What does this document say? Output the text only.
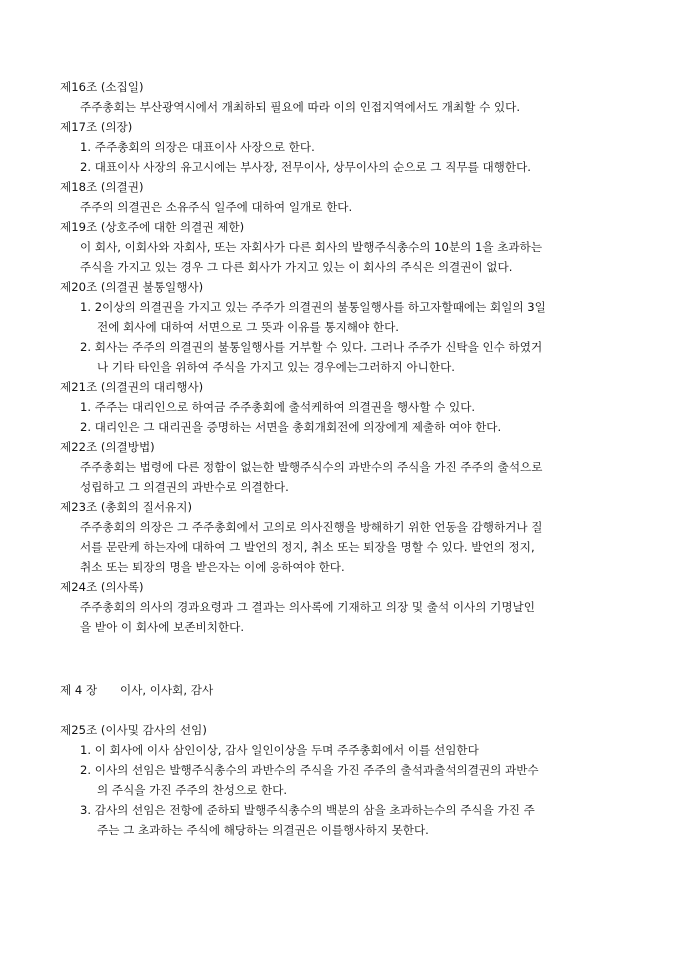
제16조 (소집일)
주주총회는 부산광역시에서 개최하되 필요에 따라 이의 인접지역에서도 개최할 수 있다.
제17조 (의장)
1. 주주총회의 의장은 대표이사 사장으로 한다.
2. 대표이사 사장의 유고시에는 부사장, 전무이사, 상무이사의 순으로 그 직무를 대행한다.
제18조 (의결권)
주주의 의결권은 소유주식 일주에 대하여 일개로 한다.
제19조 (상호주에 대한 의결권 제한)
이 회사, 이회사와 자회사, 또는 자회사가 다른 회사의 발행주식총수의 10분의 1을 초과하는
주식을 가지고 있는 경우 그 다른 회사가 가지고 있는 이 회사의 주식은 의결권이 없다.
제20조 (의결권 불통일행사)
1. 2이상의 의결권을 가지고 있는 주주가 의결권의 불통일행사를 하고자할때에는 회일의 3일
전에 회사에 대하여 서면으로 그 뜻과 이유를 통지해야 한다.
2. 회사는 주주의 의결권의 불통일행사를 거부할 수 있다. 그러나 주주가 신탁을 인수 하였거
나 기타 타인을 위하여 주식을 가지고 있는 경우에는그러하지 아니한다.
제21조 (의결권의 대리행사)
1. 주주는 대리인으로 하여금 주주총회에 출석케하여 의결권을 행사할 수 있다.
2. 대리인은 그 대리권을 증명하는 서면을 총회개회전에 의장에게 제출하 여야 한다.
제22조 (의결방법)
주주총회는 법령에 다른 정함이 없는한 발행주식수의 과반수의 주식을 가진 주주의 출석으로
성립하고 그 의결권의 과반수로 의결한다.
제23조 (총회의 질서유지)
주주총회의 의장은 그 주주총회에서 고의로 의사진행을 방해하기 위한 언동을 감행하거나 질
서를 문란케 하는자에 대하여 그 발언의 정지, 취소 또는 퇴장을 명할 수 있다. 발언의 정지,
취소 또는 퇴장의 명을 받은자는 이에 응하여야 한다.
제24조 (의사록)
주주총회의 의사의 경과요령과 그 결과는 의사록에 기재하고 의장 및 출석 이사의 기명날인
을 받아 이 회사에 보존비치한다.
제 4 장 이사, 이사회, 감사
제25조 (이사및 감사의 선임)
1. 이 회사에 이사 삼인이상, 감사 일인이상을 두며 주주총회에서 이를 선임한다
2. 이사의 선임은 발행주식총수의 과반수의 주식을 가진 주주의 출석과출석의결권의 과반수
의 주식을 가진 주주의 찬성으로 한다.
3. 감사의 선임은 전항에 준하되 발행주식총수의 백분의 삼을 초과하는수의 주식을 가진 주
주는 그 초과하는 주식에 해당하는 의결권은 이를행사하지 못한다.
